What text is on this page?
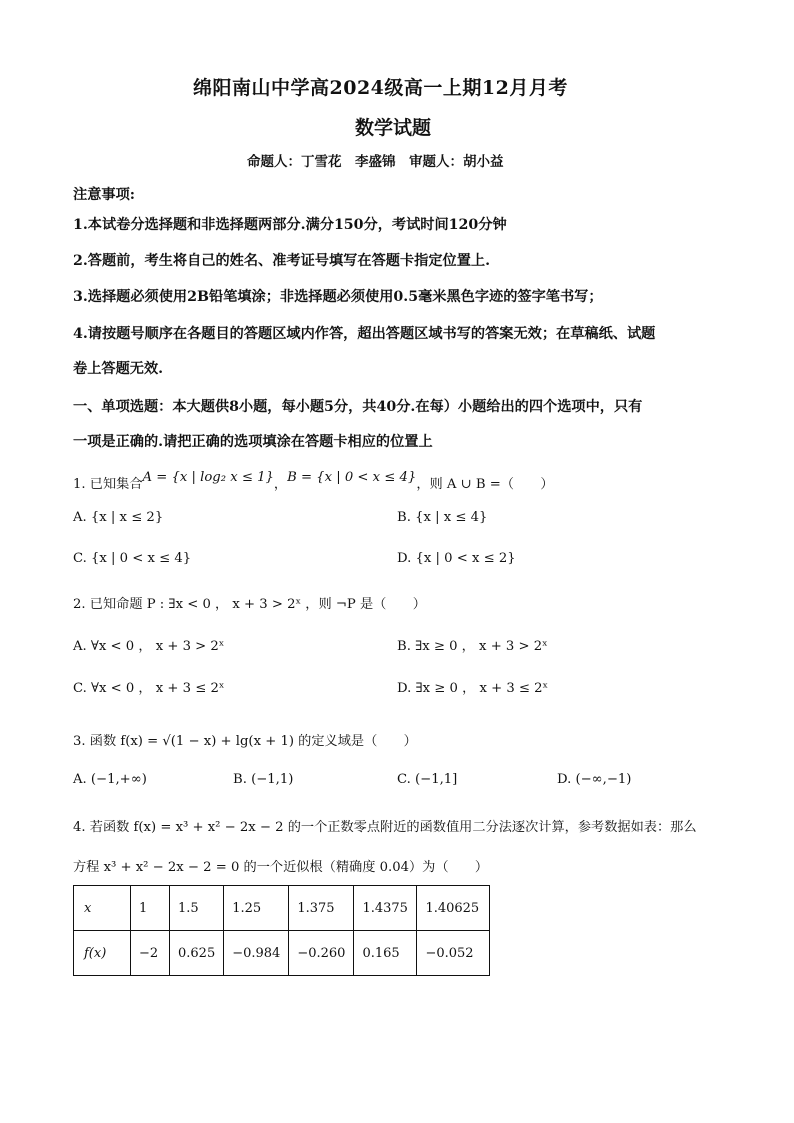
绵阳南山中学高2024级高一上期12月月考
数学试题
命题人：丁雪花　李盛锦　审题人：胡小益
注意事项:
1.本试卷分选择题和非选择题两部分.满分150分，考试时间120分钟
2.答题前，考生将自己的姓名、准考证号填写在答题卡指定位置上.
3.选择题必须使用2B铅笔填涂；非选择题必须使用0.5毫米黑色字迹的签字笔书写；
4.请按题号顺序在各题目的答题区域内作答，超出答题区域书写的答案无效；在草稿纸、试题
卷上答题无效.
一、单项选题：本大题供8小题，每小题5分，共40分.在每）小题给出的四个选项中，只有
一项是正确的.请把正确的选项填涂在答题卡相应的位置上
1. 已知集合A = {x | log₂ x ≤ 1}，B = {x | 0 < x ≤ 4}，则 A ∪ B =（　　）
A. {x | x ≤ 2}	B. {x | x ≤ 4}
C. {x | 0 < x ≤ 4}	D. {x | 0 < x ≤ 2}
2. 已知命题 P : ∃x < 0 ， x + 3 > 2ˣ ，则 ¬P 是（　　）
A. ∀x < 0 ， x + 3 > 2ˣ	B. ∃x ≥ 0 ， x + 3 > 2ˣ
C. ∀x < 0 ， x + 3 ≤ 2ˣ	D. ∃x ≥ 0 ， x + 3 ≤ 2ˣ
3. 函数 f(x) = √(1 − x) + lg(x + 1) 的定义域是（　　）
A. (−1,+∞)	B. (−1,1)	C. (−1,1]	D. (−∞,−1)
4. 若函数 f(x) = x³ + x² − 2x − 2 的一个正数零点附近的函数值用二分法逐次计算，参考数据如表：那么
方程 x³ + x² − 2x − 2 = 0 的一个近似根（精确度 0.04）为（　　）
x	1	1.5	1.25	1.375	1.4375	1.40625
f(x)	−2	0.625	−0.984	−0.260	0.165	−0.052
